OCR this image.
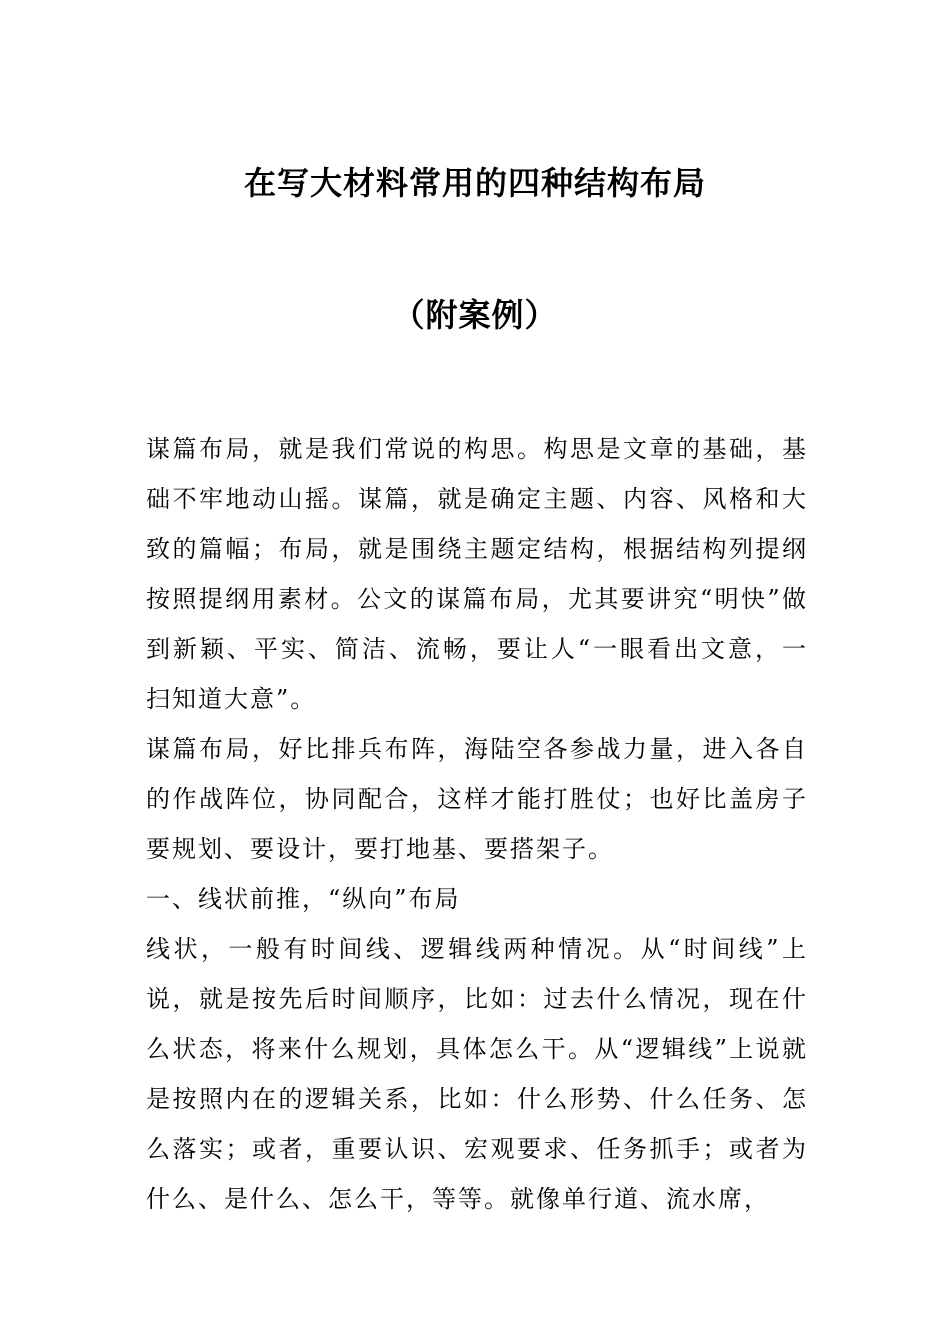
在写大材料常用的四种结构布局
（附案例）

谋篇布局，就是我们常说的构思。构思是文章的基础，基础不牢地动山摇。谋篇，就是确定主题、内容、风格和大致的篇幅；布局，就是围绕主题定结构，根据结构列提纲按照提纲用素材。公文的谋篇布局，尤其要讲究“明快”做到新颖、平实、简洁、流畅，要让人“一眼看出文意，一扫知道大意”。

谋篇布局，好比排兵布阵，海陆空各参战力量，进入各自的作战阵位，协同配合，这样才能打胜仗；也好比盖房子要规划、要设计，要打地基、要搭架子。

一、线状前推，“纵向”布局

线状，一般有时间线、逻辑线两种情况。从“时间线”上说，就是按先后时间顺序，比如：过去什么情况，现在什么状态，将来什么规划，具体怎么干。从“逻辑线”上说就是按照内在的逻辑关系，比如：什么形势、什么任务、怎么落实；或者，重要认识、宏观要求、任务抓手；或者为什么、是什么、怎么干，等等。就像单行道、流水席，
